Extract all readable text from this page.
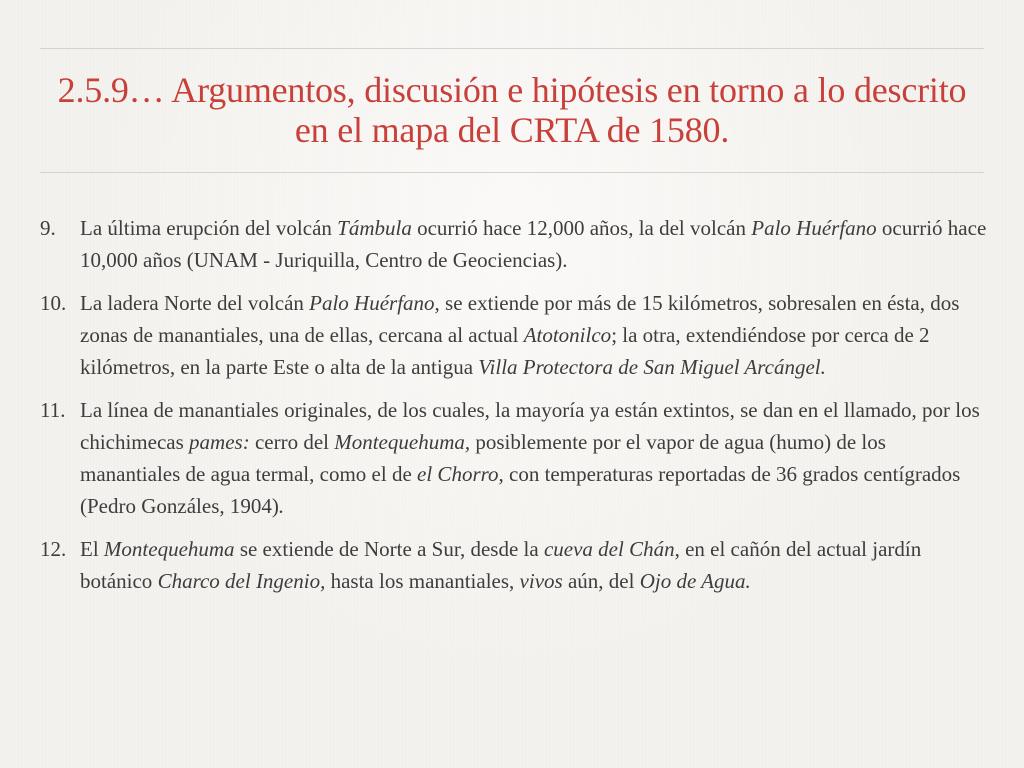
2.5.9… Argumentos, discusión e hipótesis en torno a lo descrito en el mapa del CRTA de 1580.
9.	La última erupción del volcán Támbula ocurrió hace 12,000 años, la del volcán Palo Huérfano ocurrió hace 10,000 años (UNAM - Juriquilla, Centro de Geociencias).
10. La ladera Norte del volcán Palo Huérfano, se extiende por más de 15 kilómetros, sobresalen en ésta, dos zonas de manantiales, una de ellas, cercana al actual Atotonilco; la otra, extendiéndose por cerca de 2 kilómetros, en la parte Este o alta de la antigua Villa Protectora de San Miguel Arcángel.
11. La línea de manantiales originales, de los cuales, la mayoría ya están extintos, se dan en el llamado, por los chichimecas pames: cerro del Montequehuma, posiblemente por el vapor de agua (humo) de los manantiales de agua termal, como el de el Chorro, con temperaturas reportadas de 36 grados centígrados (Pedro Gonzáles, 1904).
12. El Montequehuma se extiende de Norte a Sur, desde la cueva del Chán, en el cañón del actual jardín botánico Charco del Ingenio, hasta los manantiales, vivos aún, del Ojo de Agua.
